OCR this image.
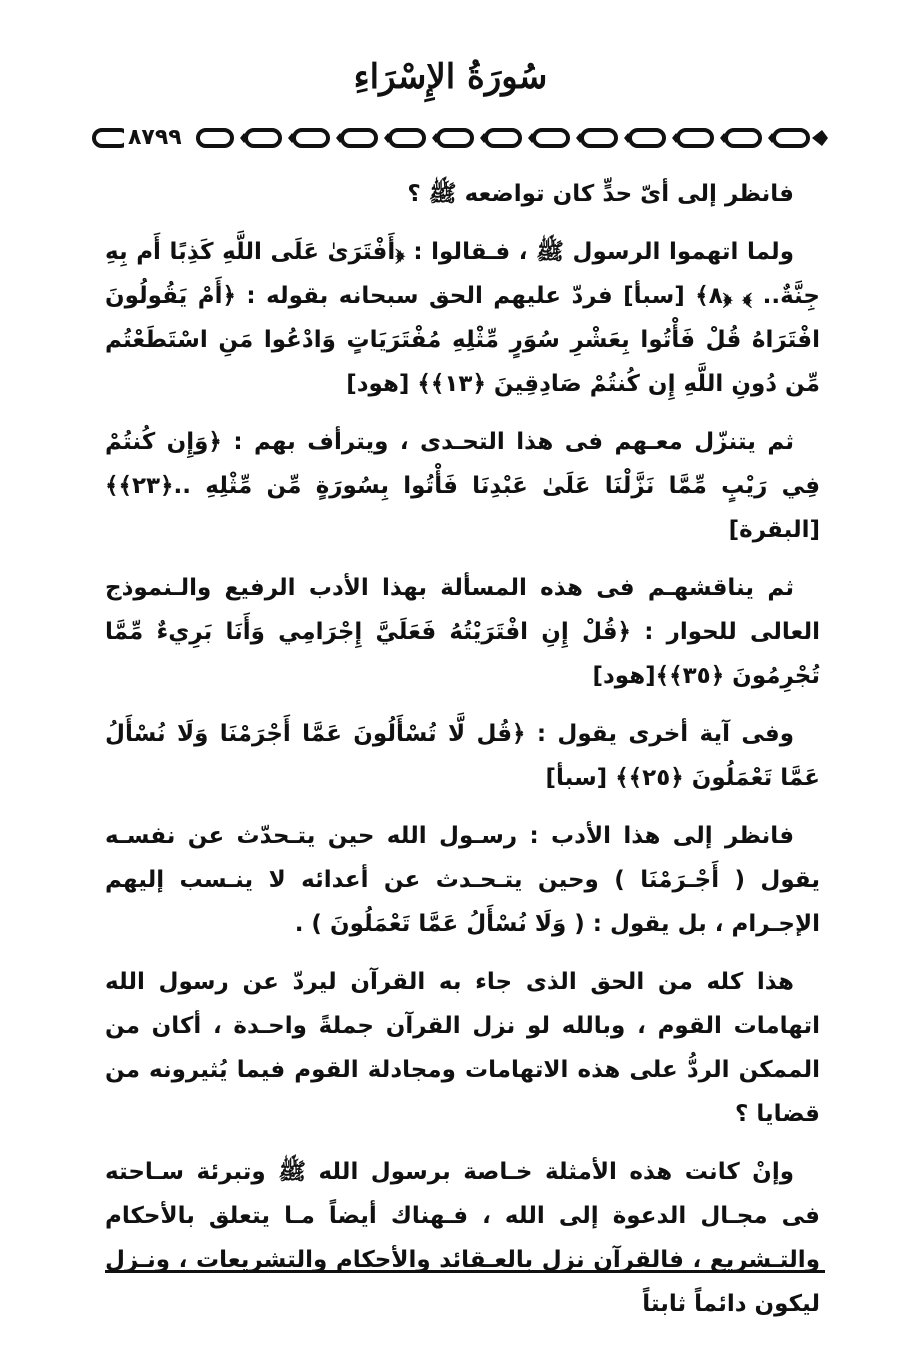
سُورَةُ الإِسْرَاءِ
٨٧٩٩

فانظر إلى أىّ حدٍّ كان تواضعه ﷺ ؟

ولما اتهموا الرسول ﷺ ، فـقالوا : ﴿أَفْتَرَىٰ عَلَى اللَّهِ كَذِبًا أَم بِهِ جِنَّةٌ.. ﴾ ﴿٨﴾ [سبأ] فردّ عليهم الحق سبحانه بقوله : ﴿أَمْ يَقُولُونَ افْتَرَاهُ قُلْ فَأْتُوا بِعَشْرِ سُوَرٍ مِّثْلِهِ مُفْتَرَيَاتٍ وَادْعُوا مَنِ اسْتَطَعْتُم مِّن دُونِ اللَّهِ إِن كُنتُمْ صَادِقِينَ ﴿١٣﴾﴾ [هود]

ثم يتنزّل معـهم فى هذا التحـدى ، ويترأف بهم : ﴿وَإِن كُنتُمْ فِي رَيْبٍ مِّمَّا نَزَّلْنَا عَلَىٰ عَبْدِنَا فَأْتُوا بِسُورَةٍ مِّن مِّثْلِهِ ..﴿٢٣﴾﴾ [البقرة]

ثم يناقشهـم فى هذه المسألة بهذا الأدب الرفيع والـنموذج العالى للحوار : ﴿قُلْ إِنِ افْتَرَيْتُهُ فَعَلَيَّ إِجْرَامِي وَأَنَا بَرِيءٌ مِّمَّا تُجْرِمُونَ ﴿٣٥﴾﴾[هود]

وفى آية أخرى يقول : ﴿قُل لَّا تُسْأَلُونَ عَمَّا أَجْرَمْنَا وَلَا نُسْأَلُ عَمَّا تَعْمَلُونَ ﴿٢٥﴾﴾ [سبأ]

فانظر إلى هذا الأدب : رسـول الله حين يتـحدّث عن نفسـه يقول ( أَجْـرَمْنَا ) وحين يتـحـدث عن أعدائه لا ينـسب إليهم الإجـرام ، بل يقول : ( وَلَا نُسْأَلُ عَمَّا تَعْمَلُونَ ) .

هذا كله من الحق الذى جاء به القرآن ليردّ عن رسول الله اتهامات القوم ، وبالله لو نزل القرآن جملةً واحـدة ، أكان من الممكن الردُّ على هذه الاتهامات ومجادلة القوم فيما يُثيرونه من قضايا ؟

وإنْ كانت هذه الأمثلة خـاصة برسول الله ﷺ وتبرئة سـاحته فى مجـال الدعوة إلى الله ، فـهناك أيضاً مـا يتعلق بالأحكام والتـشريع ، فالقرآن نزل بالعـقائد والأحكام والتشريعات ، ونـزل ليكون دائماً ثابتاً
